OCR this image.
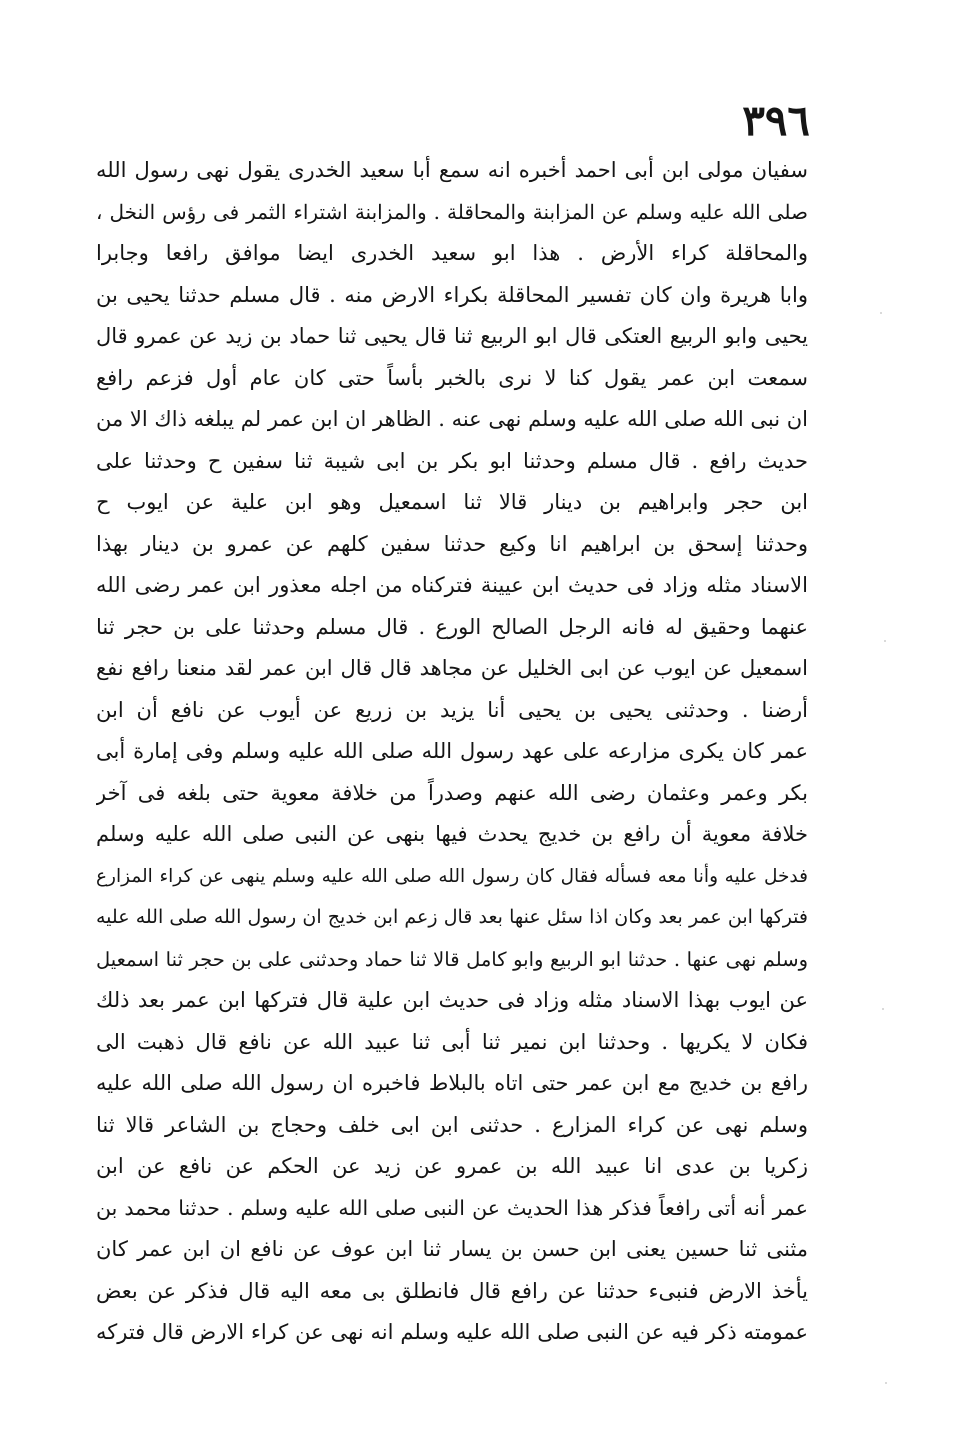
٣٩٦
سفيان مولى ابن أبى احمد أخبره انه سمع أبا سعيد الخدرى يقول نهى رسول الله
صلى الله عليه وسلم عن المزابنة والمحاقلة . والمزابنة اشتراء الثمر فى رؤس النخل ،
والمحاقلة كراء الأرض . هذا ابو سعيد الخدرى ايضا موافق رافعا وجابرا
وابا هريرة وان كان تفسير المحاقلة بكراء الارض منه . قال مسلم حدثنا يحيى بن
يحيى وابو الربيع العتكى قال ابو الربيع ثنا قال يحيى ثنا حماد بن زيد عن عمرو قال
سمعت ابن عمر يقول كنا لا نرى بالخبر بأساً حتى كان عام أول فزعم رافع
ان نبى الله صلى الله عليه وسلم نهى عنه . الظاهر ان ابن عمر لم يبلغه ذاك الا من
حديث رافع . قال مسلم وحدثنا ابو بكر بن ابى شيبة ثنا سفين ح وحدثنا على
ابن حجر وابراهيم بن دينار قالا ثنا اسمعيل وهو ابن علية عن ايوب ح
وحدثنا إسحق بن ابراهيم انا وكيع حدثنا سفين كلهم عن عمرو بن دينار بهذا
الاسناد مثله وزاد فى حديث ابن عيينة فتركناه من اجله معذور ابن عمر رضى الله
عنهما وحقيق له فانه الرجل الصالح الورع . قال مسلم وحدثنا على بن حجر ثنا
اسمعيل عن ايوب عن ابى الخليل عن مجاهد قال قال ابن عمر لقد منعنا رافع نفع
أرضنا . وحدثنى يحيى بن يحيى أنا يزيد بن زريع عن أيوب عن نافع أن ابن
عمر كان يكرى مزارعه على عهد رسول الله صلى الله عليه وسلم وفى إمارة أبى
بكر وعمر وعثمان رضى الله عنهم وصدراً من خلافة معوية حتى بلغه فى آخر
خلافة معوية أن رافع بن خديج يحدث فيها بنهى عن النبى صلى الله عليه وسلم
فدخل عليه وأنا معه فسأله فقال كان رسول الله صلى الله عليه وسلم ينهى عن كراء المزارع
فتركها ابن عمر بعد وكان اذا سئل عنها بعد قال زعم ابن خديج ان رسول الله صلى الله عليه
وسلم نهى عنها . حدثنا ابو الربيع وابو كامل قالا ثنا حماد وحدثنى على بن حجر ثنا اسمعيل
عن ايوب بهذا الاسناد مثله وزاد فى حديث ابن علية قال فتركها ابن عمر بعد ذلك
فكان لا يكريها . وحدثنا ابن نمير ثنا أبى ثنا عبيد الله عن نافع قال ذهبت الى
رافع بن خديج مع ابن عمر حتى اتاه بالبلاط فاخبره ان رسول الله صلى الله عليه
وسلم نهى عن كراء المزارع . حدثنى ابن ابى خلف وحجاج بن الشاعر قالا ثنا
زكريا بن عدى انا عبيد الله بن عمرو عن زيد عن الحكم عن نافع عن ابن
عمر أنه أتى رافعاً فذكر هذا الحديث عن النبى صلى الله عليه وسلم . حدثنا محمد بن
مثنى ثنا حسين يعنى ابن حسن بن يسار ثنا ابن عوف عن نافع ان ابن عمر كان
يأخذ الارض فنبىء حدثنا عن رافع قال فانطلق بى معه اليه قال فذكر عن بعض
عمومته ذكر فيه عن النبى صلى الله عليه وسلم انه نهى عن كراء الارض قال فتركه
